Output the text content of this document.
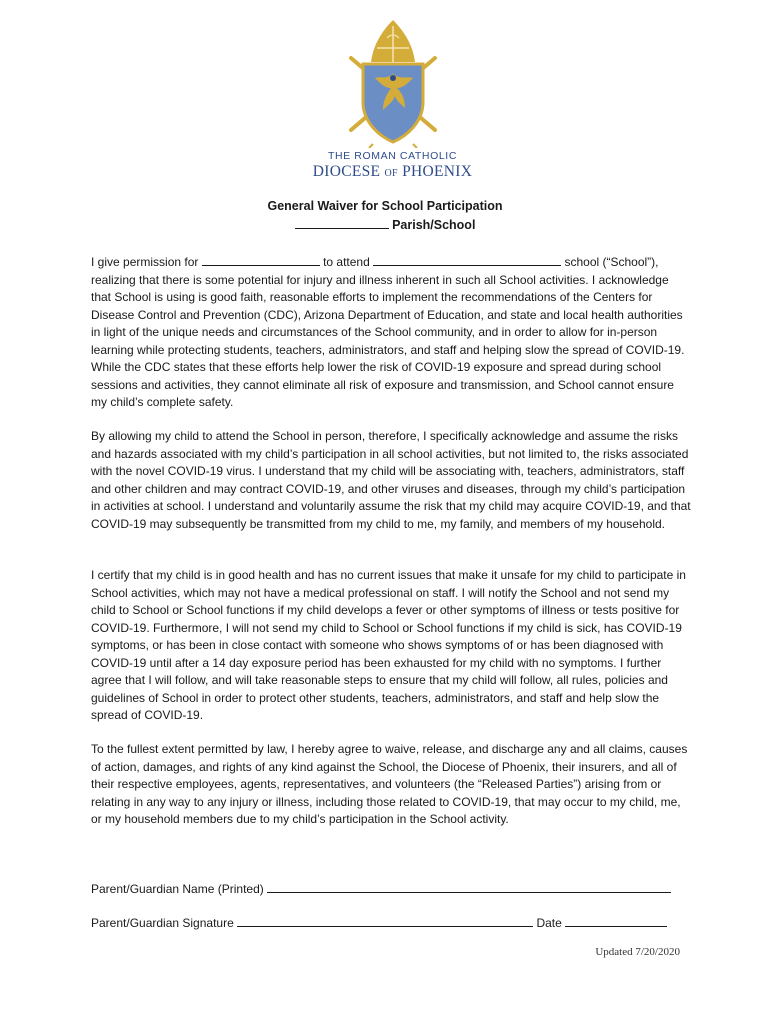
THE ROMAN CATHOLIC
DIOCESE OF PHOENIX
General Waiver for School Participation
Parish/School

I give permission for	to attend	school (“School”), realizing that there is some potential for injury and illness inherent in such all School activities. I acknowledge that School is using is good faith, reasonable efforts to implement the recommendations of the Centers for Disease Control and Prevention (CDC), Arizona Department of Education, and state and local health authorities in light of the unique needs and circumstances of the School community, and in order to allow for in-person learning while protecting students, teachers, administrators, and staff and helping slow the spread of COVID-19. While the CDC states that these efforts help lower the risk of COVID-19 exposure and spread during school sessions and activities, they cannot eliminate all risk of exposure and transmission, and School cannot ensure my child’s complete safety.

By allowing my child to attend the School in person, therefore, I specifically acknowledge and assume the risks and hazards associated with my child’s participation in all school activities, but not limited to, the risks associated with the novel COVID-19 virus. I understand that my child will be associating with, teachers, administrators, staff and other children and may contract COVID-19, and other viruses and diseases, through my child’s participation in activities at school. I understand and voluntarily assume the risk that my child may acquire COVID-19, and that COVID-19 may subsequently be transmitted from my child to me, my family, and members of my household.

I certify that my child is in good health and has no current issues that make it unsafe for my child to participate in School activities, which may not have a medical professional on staff. I will notify the School and not send my child to School or School functions if my child develops a fever or other symptoms of illness or tests positive for COVID-19. Furthermore, I will not send my child to School or School functions if my child is sick, has COVID-19 symptoms, or has been in close contact with someone who shows symptoms of or has been diagnosed with COVID-19 until after a 14 day exposure period has been exhausted for my child with no symptoms. I further agree that I will follow, and will take reasonable steps to ensure that my child will follow, all rules, policies and guidelines of School in order to protect other students, teachers, administrators, and staff and help slow the spread of COVID-19.

To the fullest extent permitted by law, I hereby agree to waive, release, and discharge any and all claims, causes of action, damages, and rights of any kind against the School, the Diocese of Phoenix, their insurers, and all of their respective employees, agents, representatives, and volunteers (the “Released Parties”) arising from or relating in any way to any injury or illness, including those related to COVID-19, that may occur to my child, me, or my household members due to my child’s participation in the School activity.

Parent/Guardian Name (Printed)
Parent/Guardian Signature	Date
Updated 7/20/2020
